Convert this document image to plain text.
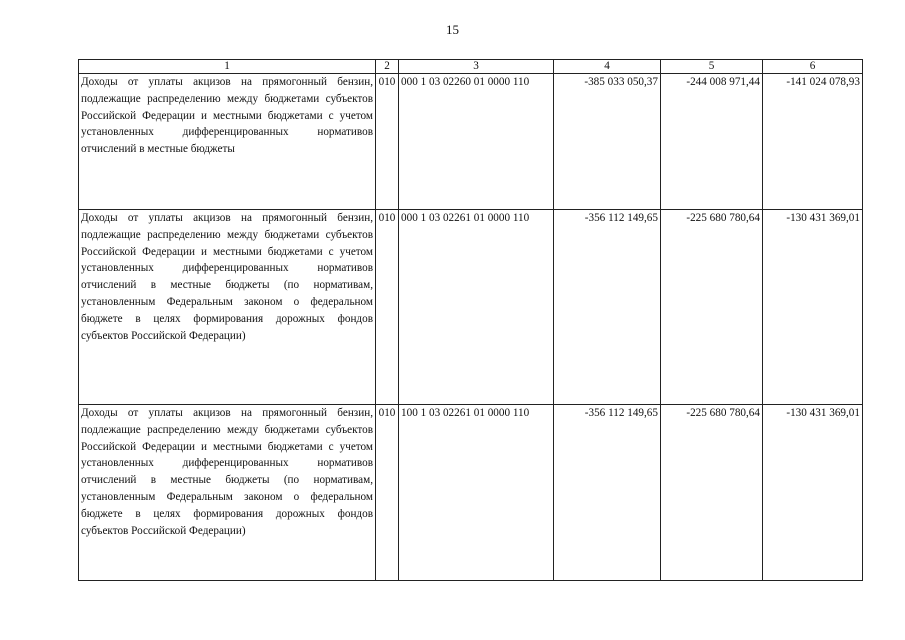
15
1	2	3	4	5	6
Доходы от уплаты акцизов на прямогонный бензин, подлежащие распределению между бюджетами субъектов Российской Федерации и местными бюджетами с учетом установленных дифференцированных нормативов отчислений в местные бюджеты	010	000 1 03 02260 01 0000 110	-385 033 050,37	-244 008 971,44	-141 024 078,93
Доходы от уплаты акцизов на прямогонный бензин, подлежащие распределению между бюджетами субъектов Российской Федерации и местными бюджетами с учетом установленных дифференцированных нормативов отчислений в местные бюджеты (по нормативам, установленным Федеральным законом о федеральном бюджете в целях формирования дорожных фондов субъектов Российской Федерации)	010	000 1 03 02261 01 0000 110	-356 112 149,65	-225 680 780,64	-130 431 369,01
Доходы от уплаты акцизов на прямогонный бензин, подлежащие распределению между бюджетами субъектов Российской Федерации и местными бюджетами с учетом установленных дифференцированных нормативов отчислений в местные бюджеты (по нормативам, установленным Федеральным законом о федеральном бюджете в целях формирования дорожных фондов субъектов Российской Федерации)	010	100 1 03 02261 01 0000 110	-356 112 149,65	-225 680 780,64	-130 431 369,01
